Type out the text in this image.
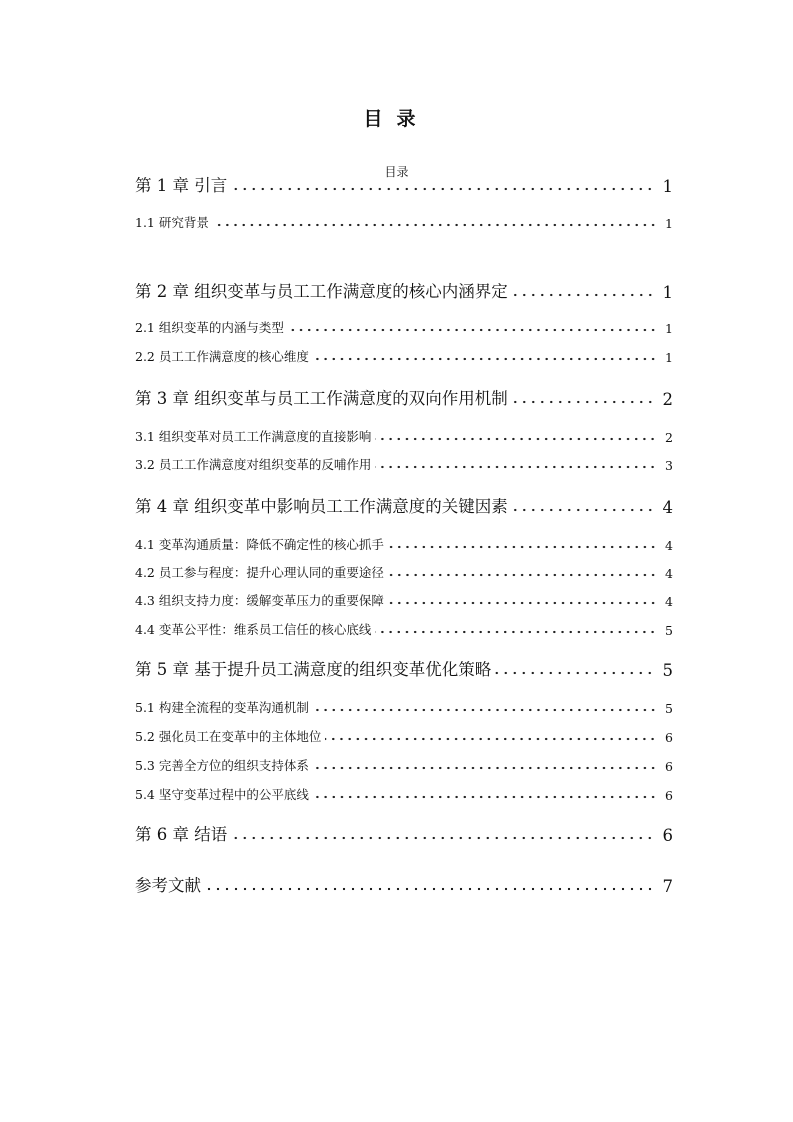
目录
目录
第 1 章 引言	1
1.1 研究背景	1
第 2 章 组织变革与员工工作满意度的核心内涵界定	1
2.1 组织变革的内涵与类型	1
2.2 员工工作满意度的核心维度	1
第 3 章 组织变革与员工工作满意度的双向作用机制	2
3.1 组织变革对员工工作满意度的直接影响	2
3.2 员工工作满意度对组织变革的反哺作用	3
第 4 章 组织变革中影响员工工作满意度的关键因素	4
4.1 变革沟通质量：降低不确定性的核心抓手	4
4.2 员工参与程度：提升心理认同的重要途径	4
4.3 组织支持力度：缓解变革压力的重要保障	4
4.4 变革公平性：维系员工信任的核心底线	5
第 5 章 基于提升员工满意度的组织变革优化策略	5
5.1 构建全流程的变革沟通机制	5
5.2 强化员工在变革中的主体地位	6
5.3 完善全方位的组织支持体系	6
5.4 坚守变革过程中的公平底线	6
第 6 章 结语	6
参考文献	7
